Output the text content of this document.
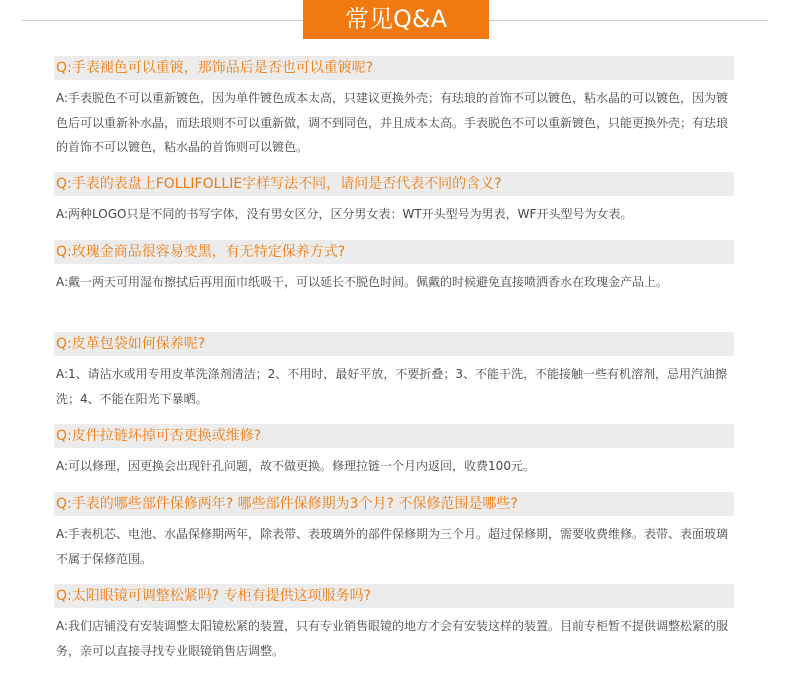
常见Q&A
Q:手表褪色可以重镀，那饰品后是否也可以重镀呢?
A:手表脱色不可以重新镀色，因为单件镀色成本太高，只建议更换外壳；有珐琅的首饰不可以镀色，粘水晶的可以镀色，因为镀色后可以重新补水晶，而珐琅则不可以重新做，调不到同色，并且成本太高。手表脱色不可以重新镀色，只能更换外壳；有珐琅的首饰不可以镀色，粘水晶的首饰则可以镀色。
Q:手表的表盘上FOLLIFOLLIE字样写法不同，请问是否代表不同的含义?
A:两种LOGO只是不同的书写字体，没有男女区分，区分男女表：WT开头型号为男表，WF开头型号为女表。
Q:玫瑰金商品很容易变黑，有无特定保养方式?
A:戴一两天可用湿布擦拭后再用面巾纸吸干，可以延长不脱色时间。佩戴的时候避免直接喷洒香水在玫瑰金产品上。
Q:皮革包袋如何保养呢?
A:1、请沾水或用专用皮革洗涤剂清洁；2、不用时，最好平放，不要折叠；3、不能干洗，不能接触一些有机溶剂，忌用汽油擦洗；4、不能在阳光下暴晒。
Q:皮件拉链坏掉可否更换或维修?
A:可以修理，因更换会出现针孔问题，故不做更换。修理拉链一个月内返回，收费100元。
Q:手表的哪些部件保修两年? 哪些部件保修期为3个月? 不保修范围是哪些?
A:手表机芯、电池、水晶保修期两年，除表带、表玻璃外的部件保修期为三个月。超过保修期，需要收费维修。表带、表面玻璃不属于保修范围。
Q:太阳眼镜可调整松紧吗? 专柜有提供这项服务吗?
A:我们店铺没有安装调整太阳镜松紧的装置，只有专业销售眼镜的地方才会有安装这样的装置。目前专柜暂不提供调整松紧的服务，亲可以直接寻找专业眼镜销售店调整。
